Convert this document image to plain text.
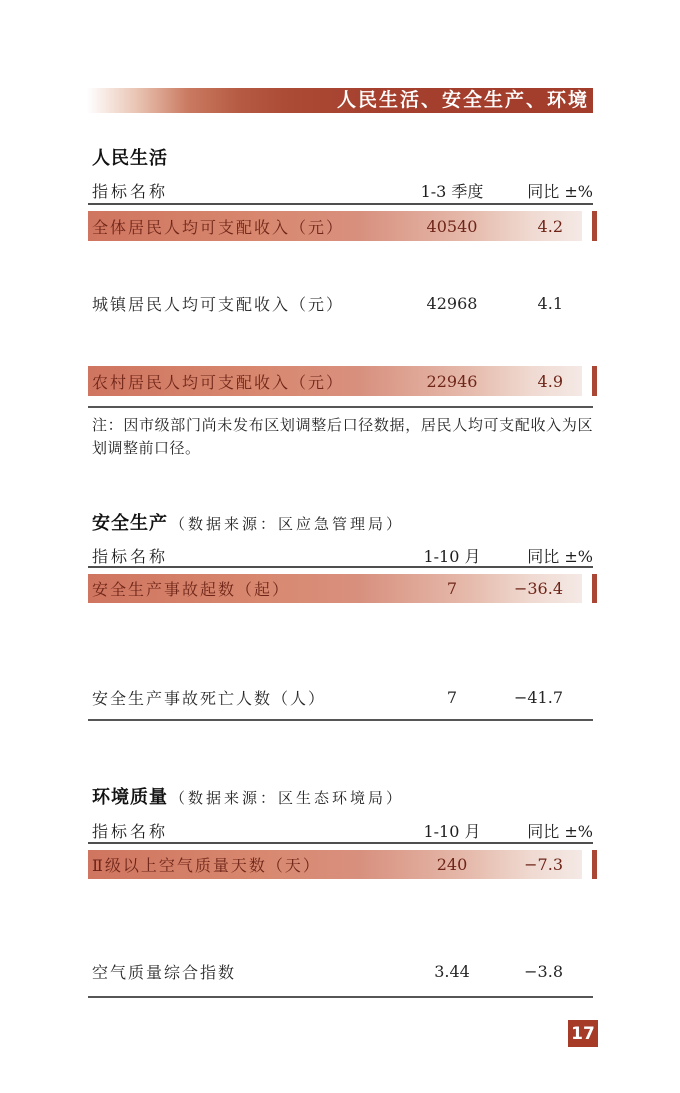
人民生活、安全生产、环境
人民生活
指标名称	1-3 季度	同比 ±%
全体居民人均可支配收入（元）	40540	4.2
城镇居民人均可支配收入（元）	42968	4.1
农村居民人均可支配收入（元）	22946	4.9
注：因市级部门尚未发布区划调整后口径数据，居民人均可支配收入为区划调整前口径。
安全生产 （数据来源：区应急管理局）
指标名称	1-10 月	同比 ±%
安全生产事故起数（起）	7	−36.4
安全生产事故死亡人数（人）	7	−41.7
环境质量 （数据来源：区生态环境局）
指标名称	1-10 月	同比 ±%
Ⅱ级以上空气质量天数（天）	240	−7.3
空气质量综合指数	3.44	−3.8
17
